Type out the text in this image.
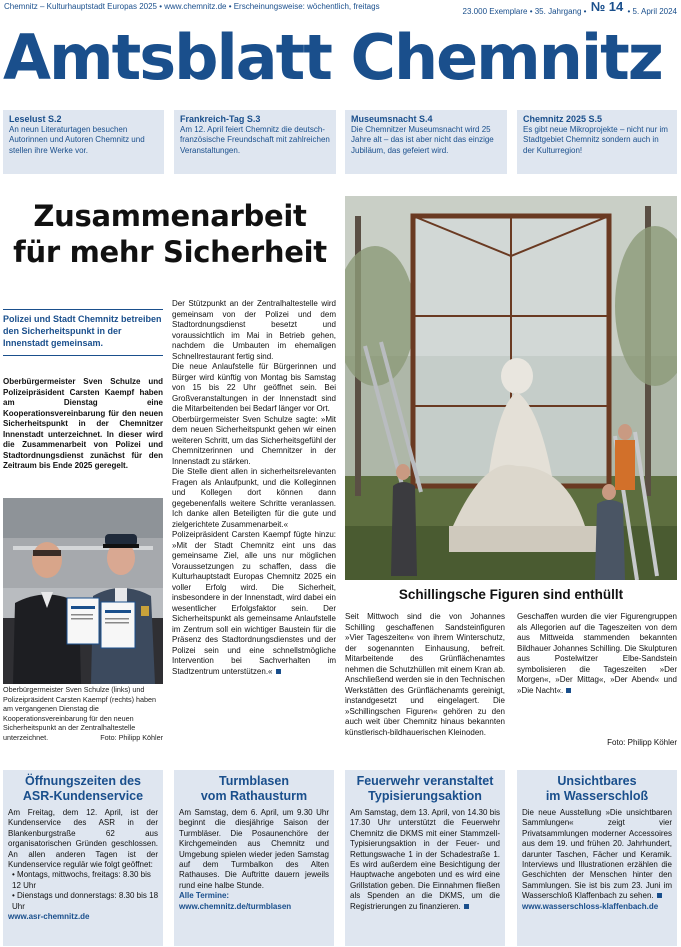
Chemnitz – Kulturhauptstadt Europas 2025 • www.chemnitz.de • Erscheinungsweise: wöchentlich, freitags
23.000 Exemplare • 35. Jahrgang • № 14 • 5. April 2024
Amtsblatt Chemnitz
Leselust S.2
An neun Literaturtagen besuchen Autorinnen und Autoren Chemnitz und stellen ihre Werke vor.
Frankreich-Tag S.3
Am 12. April feiert Chemnitz die deutsch-französische Freundschaft mit zahlreichen Veranstaltungen.
Museumsnacht S.4
Die Chemnitzer Museumsnacht wird 25 Jahre alt – das ist aber nicht das einzige Jubiläum, das gefeiert wird.
Chemnitz 2025 S.5
Es gibt neue Mikroprojekte – nicht nur im Stadtgebiet Chemnitz sondern auch in der Kulturregion!
Zusammenarbeit
für mehr Sicherheit
Polizei und Stadt Chemnitz betreiben den Sicherheitspunkt in der Innenstadt gemeinsam.
Oberbürgermeister Sven Schulze und Polizeipräsident Carsten Kaempf haben am Dienstag eine Kooperationsvereinbarung für den neuen Sicherheitspunkt in der Chemnitzer Innenstadt unterzeichnet. In dieser wird die Zusammenarbeit von Polizei und Stadtordnungsdienst zunächst für den Zeitraum bis Ende 2025 geregelt.
Oberbürgermeister Sven Schulze (links) und Polizeipräsident Carsten Kaempf (rechts) haben am vergangenen Dienstag die Kooperationsvereinbarung für den neuen Sicherheitspunkt an der Zentralhaltestelle unterzeichnet.	Foto: Philipp Köhler

Der Stützpunkt an der Zentralhaltestelle wird gemeinsam von der Polizei und dem Stadtordnungsdienst besetzt und voraussichtlich im Mai in Betrieb gehen, nachdem die Umbauten im ehemaligen Schnellrestaurant fertig sind.

Die neue Anlaufstelle für Bürgerinnen und Bürger wird künftig von Montag bis Samstag von 15 bis 22 Uhr geöffnet sein. Bei Großveranstaltungen in der Innenstadt sind die Mitarbeitenden bei Bedarf länger vor Ort.

Oberbürgermeister Sven Schulze sagte: »Mit dem neuen Sicherheitspunkt gehen wir einen weiteren Schritt, um das Sicherheitsgefühl der Chemnitzerinnen und Chemnitzer in der Innenstadt zu stärken.

Die Stelle dient allen in sicherheitsrelevanten Fragen als Anlaufpunkt, und die Kolleginnen und Kollegen dort können dann gegebenenfalls weitere Schritte veranlassen. Ich danke allen Beteiligten für die gute und zielgerichtete Zusammenarbeit.«

Polizeipräsident Carsten Kaempf fügte hinzu: »Mit der Stadt Chemnitz eint uns das gemeinsame Ziel, alle uns nur möglichen Voraussetzungen zu schaffen, dass die Kulturhauptstadt Europas Chemnitz 2025 ein voller Erfolg wird. Die Sicherheit, insbesondere in der Innenstadt, wird dabei ein wesentlicher Erfolgsfaktor sein. Der Sicherheitspunkt als gemeinsame Anlaufstelle im Zentrum soll ein wichtiger Baustein für die Präsenz des Stadtordnungsdienstes und der Polizei sein und eine schnellstmögliche Intervention bei Sachverhalten im Stadtzentrum unterstützen.«

Schillingsche Figuren sind enthüllt
Seit Mittwoch sind die von Johannes Schilling geschaffenen Sandsteinfiguren »Vier Tageszeiten« von ihrem Winterschutz, der sogenannten Einhausung, befreit. Mitarbeitende des Grünflächenamtes nehmen die Schutzhüllen mit einem Kran ab. Anschließend werden sie in den Technischen Werkstätten des Grünflächenamts gereinigt, instandgesetzt und eingelagert. Die »Schillingschen Figuren« gehören zu den auch weit über Chemnitz hinaus bekannten künstlerisch-bildhauerischen Kleinoden.
Geschaffen wurden die vier Figurengruppen als Allegorien auf die Tageszeiten von dem aus Mittweida stammenden bekannten Bildhauer Johannes Schilling. Die Skulpturen aus Postelwitzer Elbe-Sandstein symbolisieren die Tageszeiten »Der Morgen«, »Der Mittag«, »Der Abend« und »Die Nacht«.
Foto: Philipp Köhler
Öffnungszeiten des
ASR-Kundenservice
Am Freitag, dem 12. April, ist der Kundenservice des ASR in der Blankenburgstraße 62 aus organisatorischen Gründen geschlossen. An allen anderen Tagen ist der Kundenservice regulär wie folgt geöffnet:
• Montags, mittwochs, freitags: 8.30 bis 12 Uhr
• Dienstags und donnerstags: 8.30 bis 18 Uhr
www.asr-chemnitz.de
Turmblasen
vom Rathausturm
Am Samstag, dem 6. April, um 9.30 Uhr beginnt die diesjährige Saison der Turmbläser. Die Posaunenchöre der Kirchgemeinden aus Chemnitz und Umgebung spielen wieder jeden Samstag auf dem Turmbalkon des Alten Rathauses. Die Auftritte dauern jeweils rund eine halbe Stunde.
Alle Termine:
www.chemnitz.de/turmblasen
Feuerwehr veranstaltet
Typisierungsaktion
Am Samstag, dem 13. April, von 14.30 bis 17.30 Uhr unterstützt die Feuerwehr Chemnitz die DKMS mit einer Stammzell-Typisierungsaktion in der Feuer- und Rettungswache 1 in der Schadestraße 1. Es wird außerdem eine Besichtigung der Hauptwache angeboten und es wird eine Grillstation geben. Die Einnahmen fließen als Spenden an die DKMS, um die Registrierungen zu finanzieren.
Unsichtbares
im Wasserschloß
Die neue Ausstellung »Die unsichtbaren Sammlungen« zeigt vier Privatsammlungen moderner Accessoires aus dem 19. und frühen 20. Jahrhundert, darunter Taschen, Fächer und Keramik. Interviews und Illustrationen erzählen die Geschichten der Menschen hinter den Sammlungen. Sie ist bis zum 23. Juni im Wasserschloß Klaffenbach zu sehen.
www.wasserschloss-klaffenbach.de
